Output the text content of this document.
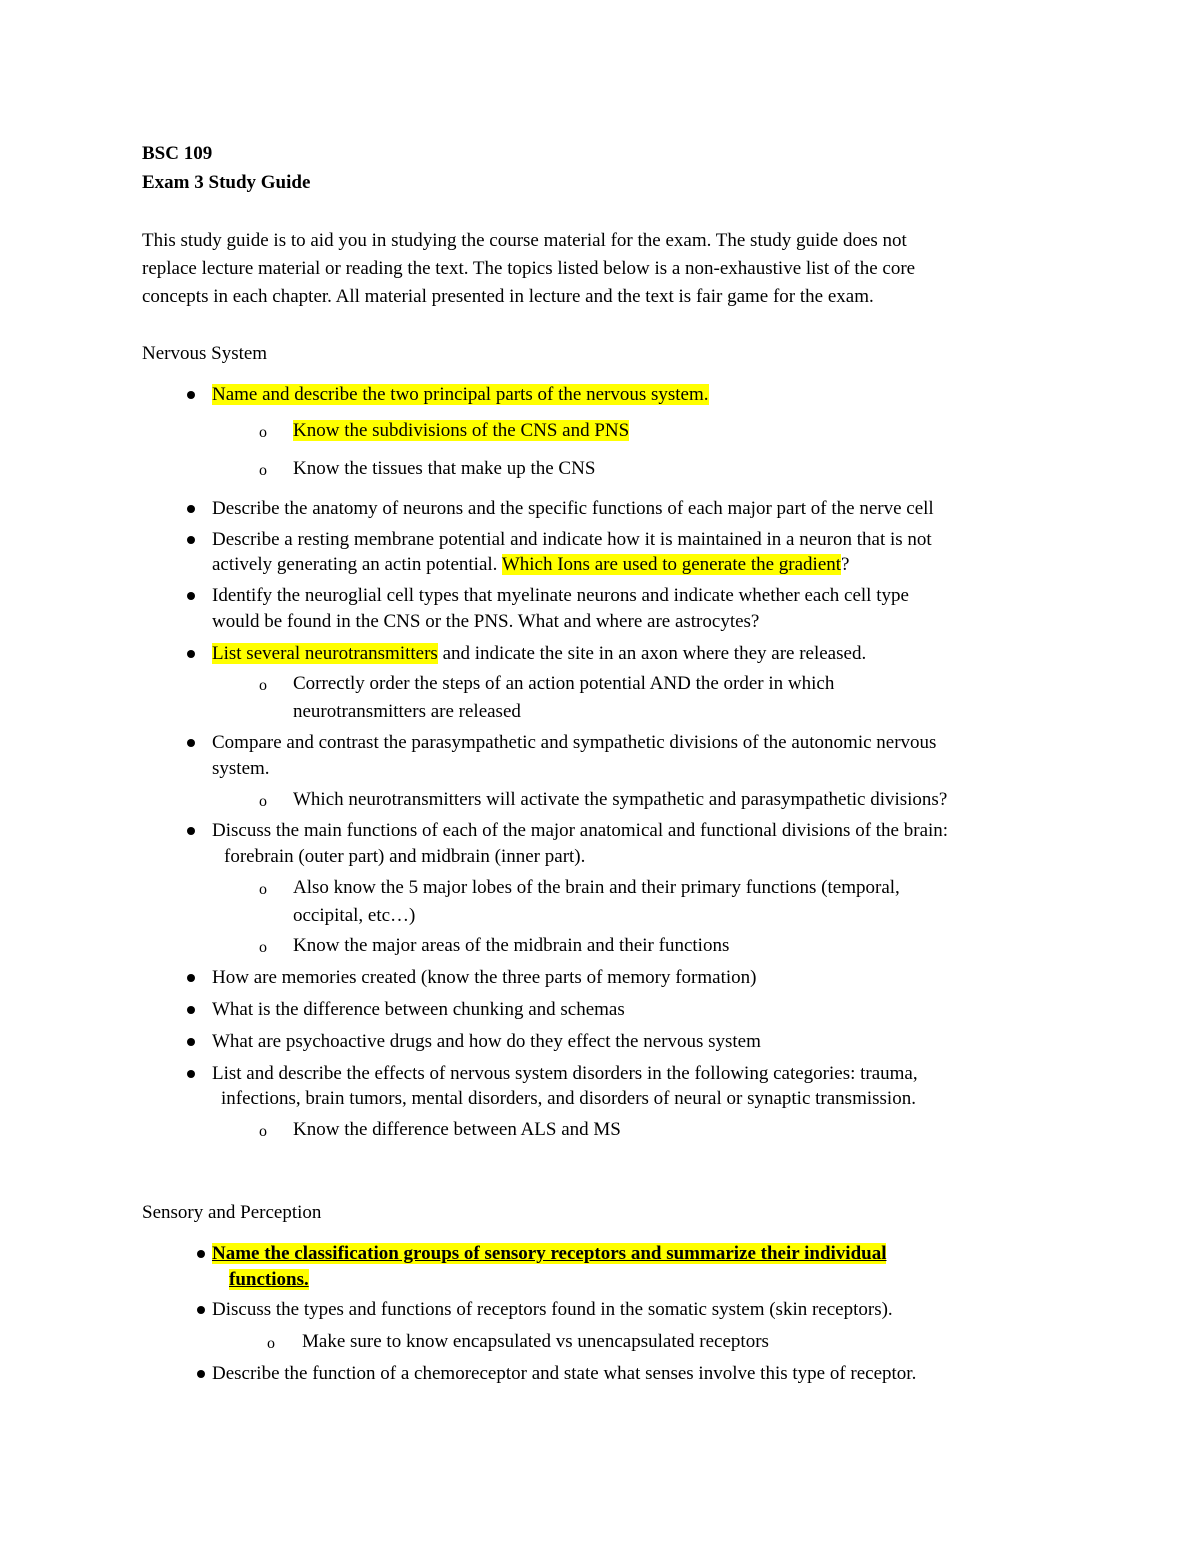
BSC 109
Exam 3 Study Guide
This study guide is to aid you in studying the course material for the exam. The study guide does not
replace lecture material or reading the text. The topics listed below is a non-exhaustive list of the core
concepts in each chapter. All material presented in lecture and the text is fair game for the exam.
Nervous System
Name and describe the two principal parts of the nervous system.
o Know the subdivisions of the CNS and PNS
o Know the tissues that make up the CNS
Describe the anatomy of neurons and the specific functions of each major part of the nerve cell
Describe a resting membrane potential and indicate how it is maintained in a neuron that is not
actively generating an actin potential. Which Ions are used to generate the gradient?
Identify the neuroglial cell types that myelinate neurons and indicate whether each cell type
would be found in the CNS or the PNS. What and where are astrocytes?
List several neurotransmitters and indicate the site in an axon where they are released.
o Correctly order the steps of an action potential AND the order in which
neurotransmitters are released
Compare and contrast the parasympathetic and sympathetic divisions of the autonomic nervous
system.
o Which neurotransmitters will activate the sympathetic and parasympathetic divisions?
Discuss the main functions of each of the major anatomical and functional divisions of the brain:
forebrain (outer part) and midbrain (inner part).
o Also know the 5 major lobes of the brain and their primary functions (temporal,
occipital, etc…)
o Know the major areas of the midbrain and their functions
How are memories created (know the three parts of memory formation)
What is the difference between chunking and schemas
What are psychoactive drugs and how do they effect the nervous system
List and describe the effects of nervous system disorders in the following categories: trauma,
infections, brain tumors, mental disorders, and disorders of neural or synaptic transmission.
o Know the difference between ALS and MS
Sensory and Perception
Name the classification groups of sensory receptors and summarize their individual
functions.
Discuss the types and functions of receptors found in the somatic system (skin receptors).
o Make sure to know encapsulated vs unencapsulated receptors
Describe the function of a chemoreceptor and state what senses involve this type of receptor.
